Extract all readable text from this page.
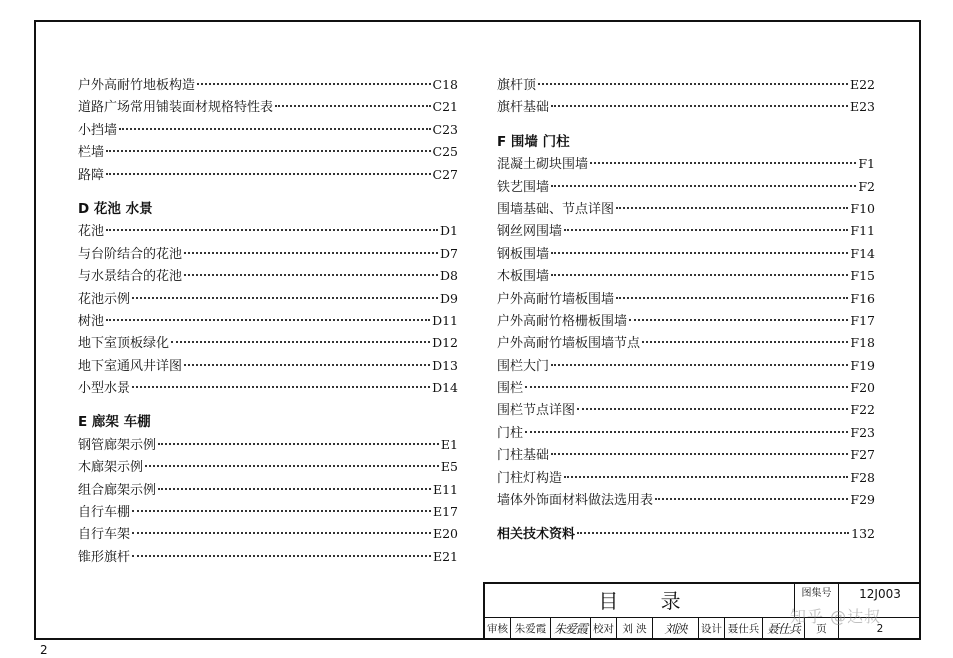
户外高耐竹地板构造	C18
道路广场常用铺装面材规格特性表	C21
小挡墙	C23
栏墙	C25
路障	C27
D 花池 水景
花池	D1
与台阶结合的花池	D7
与水景结合的花池	D8
花池示例	D9
树池	D11
地下室顶板绿化	D12
地下室通风井详图	D13
小型水景	D14
E 廊架 车棚
钢管廊架示例	E1
木廊架示例	E5
组合廊架示例	E11
自行车棚	E17
自行车架	E20
锥形旗杆	E21
旗杆顶	E22
旗杆基础	E23
F 围墙 门柱
混凝土砌块围墙	F1
铁艺围墙	F2
围墙基础、节点详图	F10
钢丝网围墙	F11
钢板围墙	F14
木板围墙	F15
户外高耐竹墙板围墙	F16
户外高耐竹格栅板围墙	F17
户外高耐竹墙板围墙节点	F18
围栏大门	F19
围栏	F20
围栏节点详图	F22
门柱	F23
门柱基础	F27
门柱灯构造	F28
墙体外饰面材料做法选用表	F29
相关技术资料	132
目 录	图集号	12J003
审核 朱爱霞 朱爱霞 校对 刘 泱	刘泱	设计 聂仕兵 聂仕兵	页	2
2
知乎 @达叔
